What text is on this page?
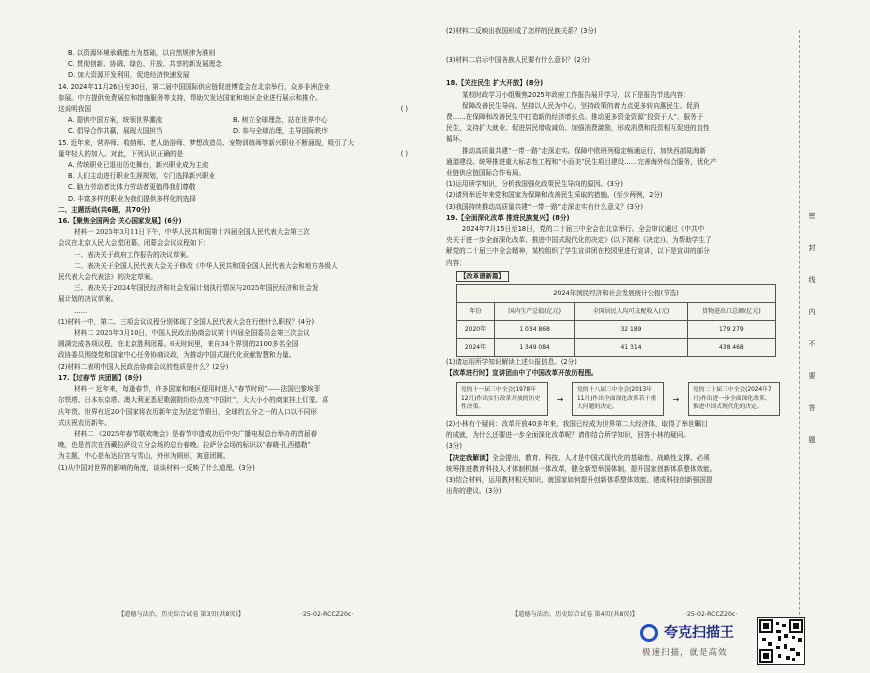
B. 以资源环境承载能力为基础，以自然规律为准则

C. 贯彻创新、协调、绿色、开放、共享的新发展理念

D. 加大资源开发利用，促进经济快速发展

14. 2024年11月26日至30日，第二届中国国际供应链促进博览会在北京举行，众多非洲企业

参展。中方提供免费展位和措施服务等支持，帮助欠发达国家和地区企业进行展示和推介。

这说明我国	( )

A. 提供中国方案，统领世界潮流	B. 树立全球理念，站在世界中心

C. 倡导合作共赢，展现大国担当	D. 参与全球治理，主导国际秩序

15. 近年来，营养师、收纳师、老人助浴师、梦想改造员、宠物训练师等新兴职业不断涌现，吸引了大

量年轻人的加入。对此，下列认识正确的是	( )

A. 传统职业已退出历史舞台，新兴职业成为主流

B. 人们主动进行职业生涯规划，专门选择新兴职业

C. 脑力劳动者比体力劳动者更值得我们尊敬

D. 丰富多样的职业为我们提供多样化的选择

二、主题活动(共6题，共70分)

16.【聚焦全国两会 关心国家发展】(6分)

材料一 2025年3月11日下午，中华人民共和国第十四届全国人民代表大会第三次

会议在北京人民大会堂闭幕。闭幕会会议议程如下：

一、表决关于政府工作报告的决议草案。

二、表决关于全国人民代表大会关于修改《中华人民共和国全国人民代表大会和地方各级人

民代表大会代表法》的决定草案。

三、表决关于2024年国民经济和社会发展计划执行情况与2025年国民经济和社会发

展计划的决议草案。

……

(1)材料一中，第二、三项会议议程分别体现了全国人民代表大会在行使什么职权？(4分)

材料二 2025年3月10日，中国人民政治协商会议第十四届全国委员会第三次会议

圆满完成各项议程，在北京胜利闭幕。6天时间里，来自34个界别的2100多名全国

政协委员围绕党和国家中心任务协商议政，为推动中国式现代化贡献智慧和力量。

(2)材料二表明中国人民政治协商会议的性质是什么？(2分)

17.【过春节 庆团圆】(8分)

材料一 近年来，每逢春节，许多国家和地区便用时进入“春节时间”——法国巴黎埃菲

尔铁塔、日本东京塔、澳大利亚悉尼歌剧院纷纷点亮“中国红”，大大小小的商家挂上灯笼、喜

庆年货。世界有近20个国家将农历新年定为法定节假日，全球约五分之一的人口以不同形

式庆祝农历新年。

材料二 《2025年春节联欢晚会》是春节申遗成功后中央广播电视总台举办的首届春

晚，也是首次在西藏拉萨设立分会场的总台春晚。拉萨分会场的标识以“春晓·扎西德勒”

为主题，中心是布达拉宫与雪山，外形为圆形，寓意团圆。

(1)从中国对世界的影响的角度，谈谈材料一反映了什么道理。(3分)

【道德与法治、历史综合试卷 第3页(共8页)】	·25-02-RCCZ20c·

(2)材料二反映出我国形成了怎样的民族关系？(3分)

(3)材料二启示中国各族人民要有什么意识？(2分)

18.【关注民生 扩大开放】(8分)

某校时政学习小组聚焦2025年政府工作报告展开学习，以下是报告节选内容：

保障改善民生导向。坚持以人民为中心，坚持政策的着力点更多转向惠民生、促消

费……在保障和改善民生中打造新的经济增长点。推动更多资金资源“投资于人”、服务于

民生，支持扩大就业、促进居民增收减负、加强消费激励，形成消费和投资相互促进的良性

循环。

推动高质量共建“一带一路”走深走实。保障中欧班列稳定畅通运行，加快西部陆海新

通道建设。统筹推进重大标志性工程和“小而美”民生项目建设……完善海外综合服务，优化产

业链供应链国际合作布局。

(1)运用所学知识，分析我国强化政策民生导向的原因。(3分)

(2)请列举近年来党和国家为保障和改善民生采取的措施。(至少两例，2分)

(3)我国持续推动高质量共建“一带一路”走深走实有什么意义？(3分)

19.【全面深化改革 推进民族复兴】(8分)

2024年7月15日至18日，党的二十届三中全会在北京举行。全会审议通过《中共中

央关于进一步全面深化改革、推进中国式现代化的决定》(以下简称《决定》)。为帮助学生了

解党的二十届三中全会精神，某校组织了学生宣讲团在校园里进行宣讲，以下是宣讲的部分

内容：

【改革谱新篇】
2024年国民经济和社会发展统计公报(节选)
年份	国内生产总值(亿元)	全国居民人均可支配收入(元)	货物进出口总额(亿元)
2020年	1 034 868	32 189	179 279
2024年	1 349 084	41 314	438 468

(1)请运用所学知识解读上述公报信息。(2分)

【改革进行时】宣讲团由中了中国改革开放历程图。

党的十一届三中全会(1978年12月)作出实行改革开放的历史性决策。
→
党的十八届三中全会(2013年11月)作出全面深化改革若干重大问题的决定。
→
党的二十届三中全会(2024年7月)作出进一步全面深化改革、推进中国式现代化的决定。

(2)小林有个疑问：改革开放40多年来，我国已经成为世界第二大经济体，取得了举世瞩目

的成就，为什么还要进一步全面深化改革呢？请你结合所学知识，回答小林的疑问。

(3分)

【决定我解读】全会提出，教育、科技、人才是中国式现代化的基础性、战略性支撑。必须

统筹推进教育科技人才体制机制一体改革，健全新型举国体制，提升国家创新体系整体效能。

(3)结合材料，运用教材相关知识，就国家如何提升创新体系整体效能、建成科技创新强国提

出你的建议。(3分)

【道德与法治、历史综合试卷 第4页(共8页)】	·25-02-RCCZ20c·
密
封
线
内
不
要
答
题
夸克扫描王
极速扫描，就是高效
